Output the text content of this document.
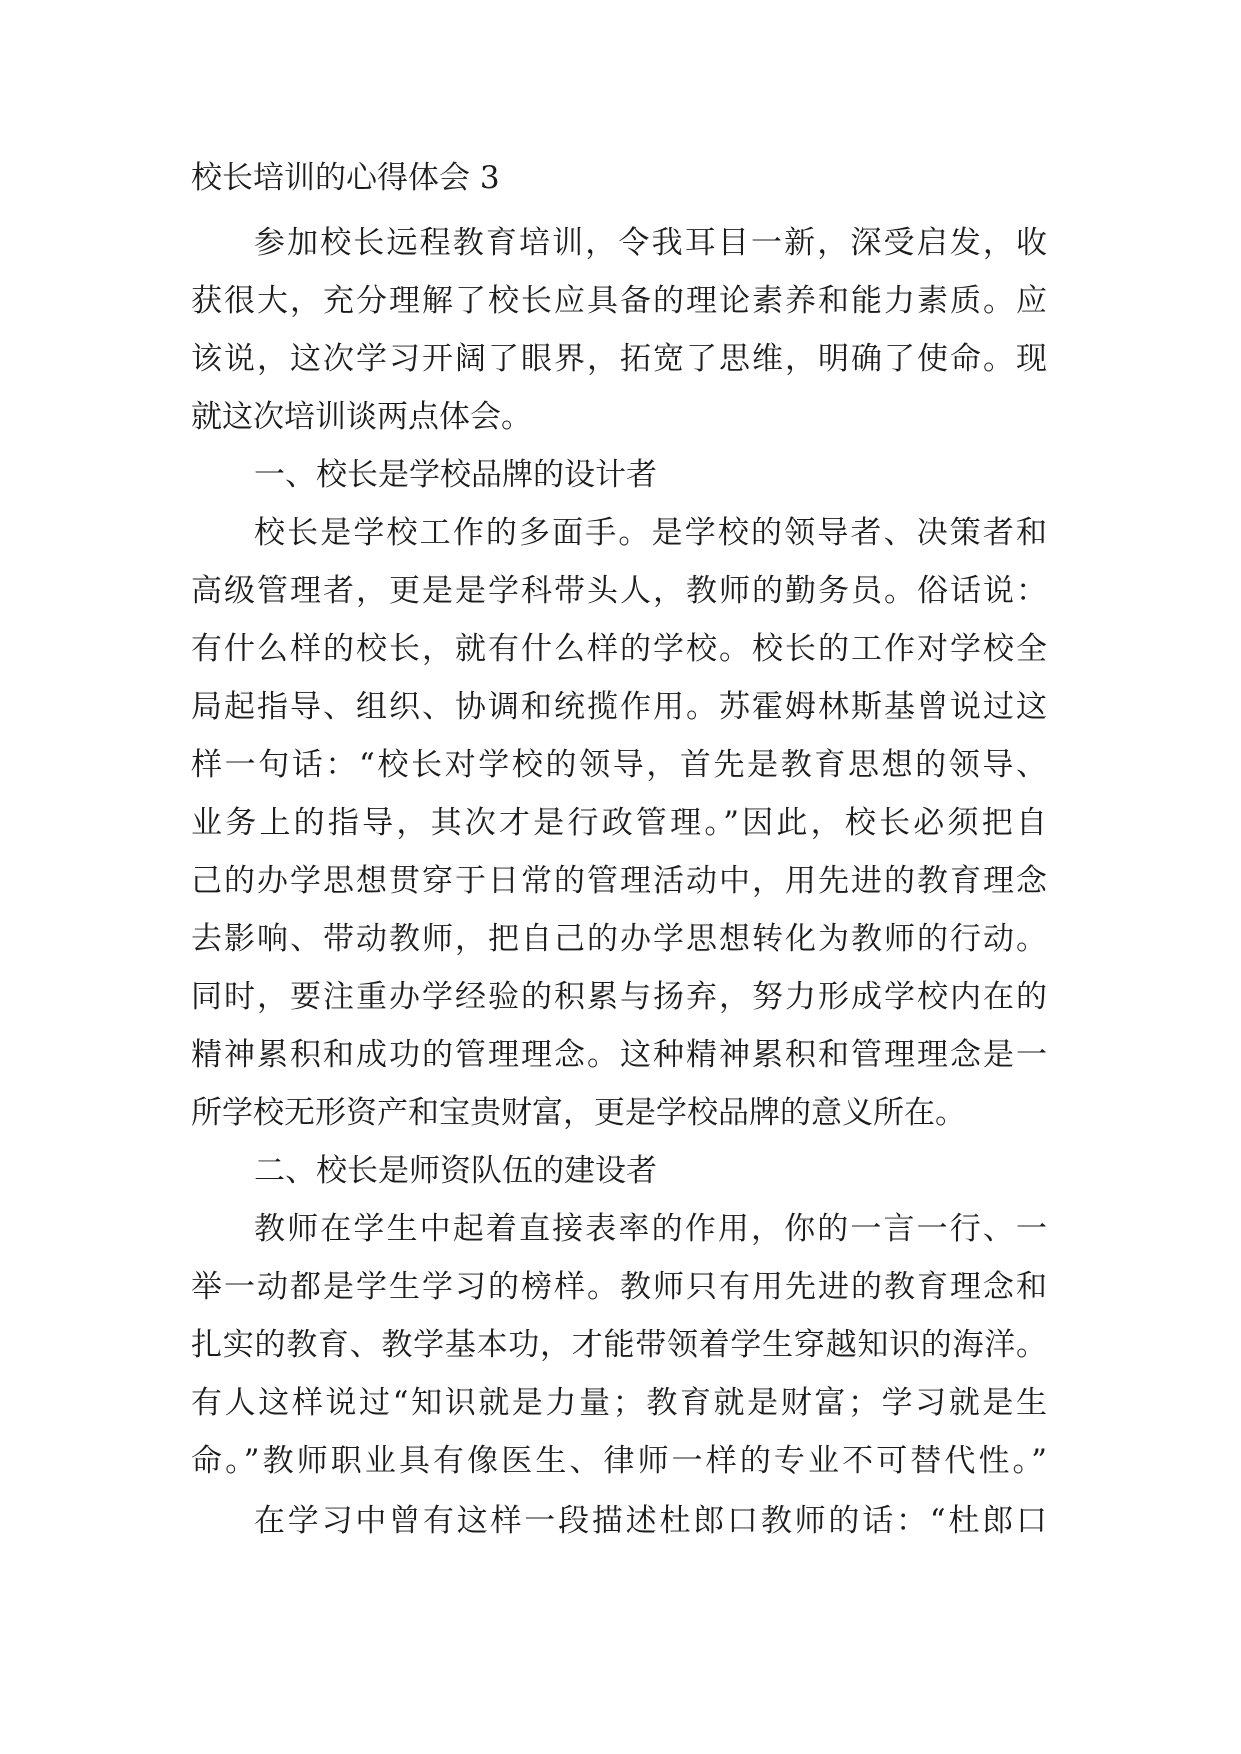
校长培训的心得体会 3
参加校长远程教育培训，令我耳目一新，深受启发，收
获很大，充分理解了校长应具备的理论素养和能力素质。应
该说，这次学习开阔了眼界，拓宽了思维，明确了使命。现
就这次培训谈两点体会。
一、校长是学校品牌的设计者
校长是学校工作的多面手。是学校的领导者、决策者和
高级管理者，更是是学科带头人，教师的勤务员。俗话说：
有什么样的校长，就有什么样的学校。校长的工作对学校全
局起指导、组织、协调和统揽作用。苏霍姆林斯基曾说过这
样一句话：“校长对学校的领导，首先是教育思想的领导、
业务上的指导，其次才是行政管理。”因此，校长必须把自
己的办学思想贯穿于日常的管理活动中，用先进的教育理念
去影响、带动教师，把自己的办学思想转化为教师的行动。
同时，要注重办学经验的积累与扬弃，努力形成学校内在的
精神累积和成功的管理理念。这种精神累积和管理理念是一
所学校无形资产和宝贵财富，更是学校品牌的意义所在。
二、校长是师资队伍的建设者
教师在学生中起着直接表率的作用，你的一言一行、一
举一动都是学生学习的榜样。教师只有用先进的教育理念和
扎实的教育、教学基本功，才能带领着学生穿越知识的海洋。
有人这样说过“知识就是力量；教育就是财富；学习就是生
命。”教师职业具有像医生、律师一样的专业不可替代性。”
在学习中曾有这样一段描述杜郎口教师的话：“杜郎口
